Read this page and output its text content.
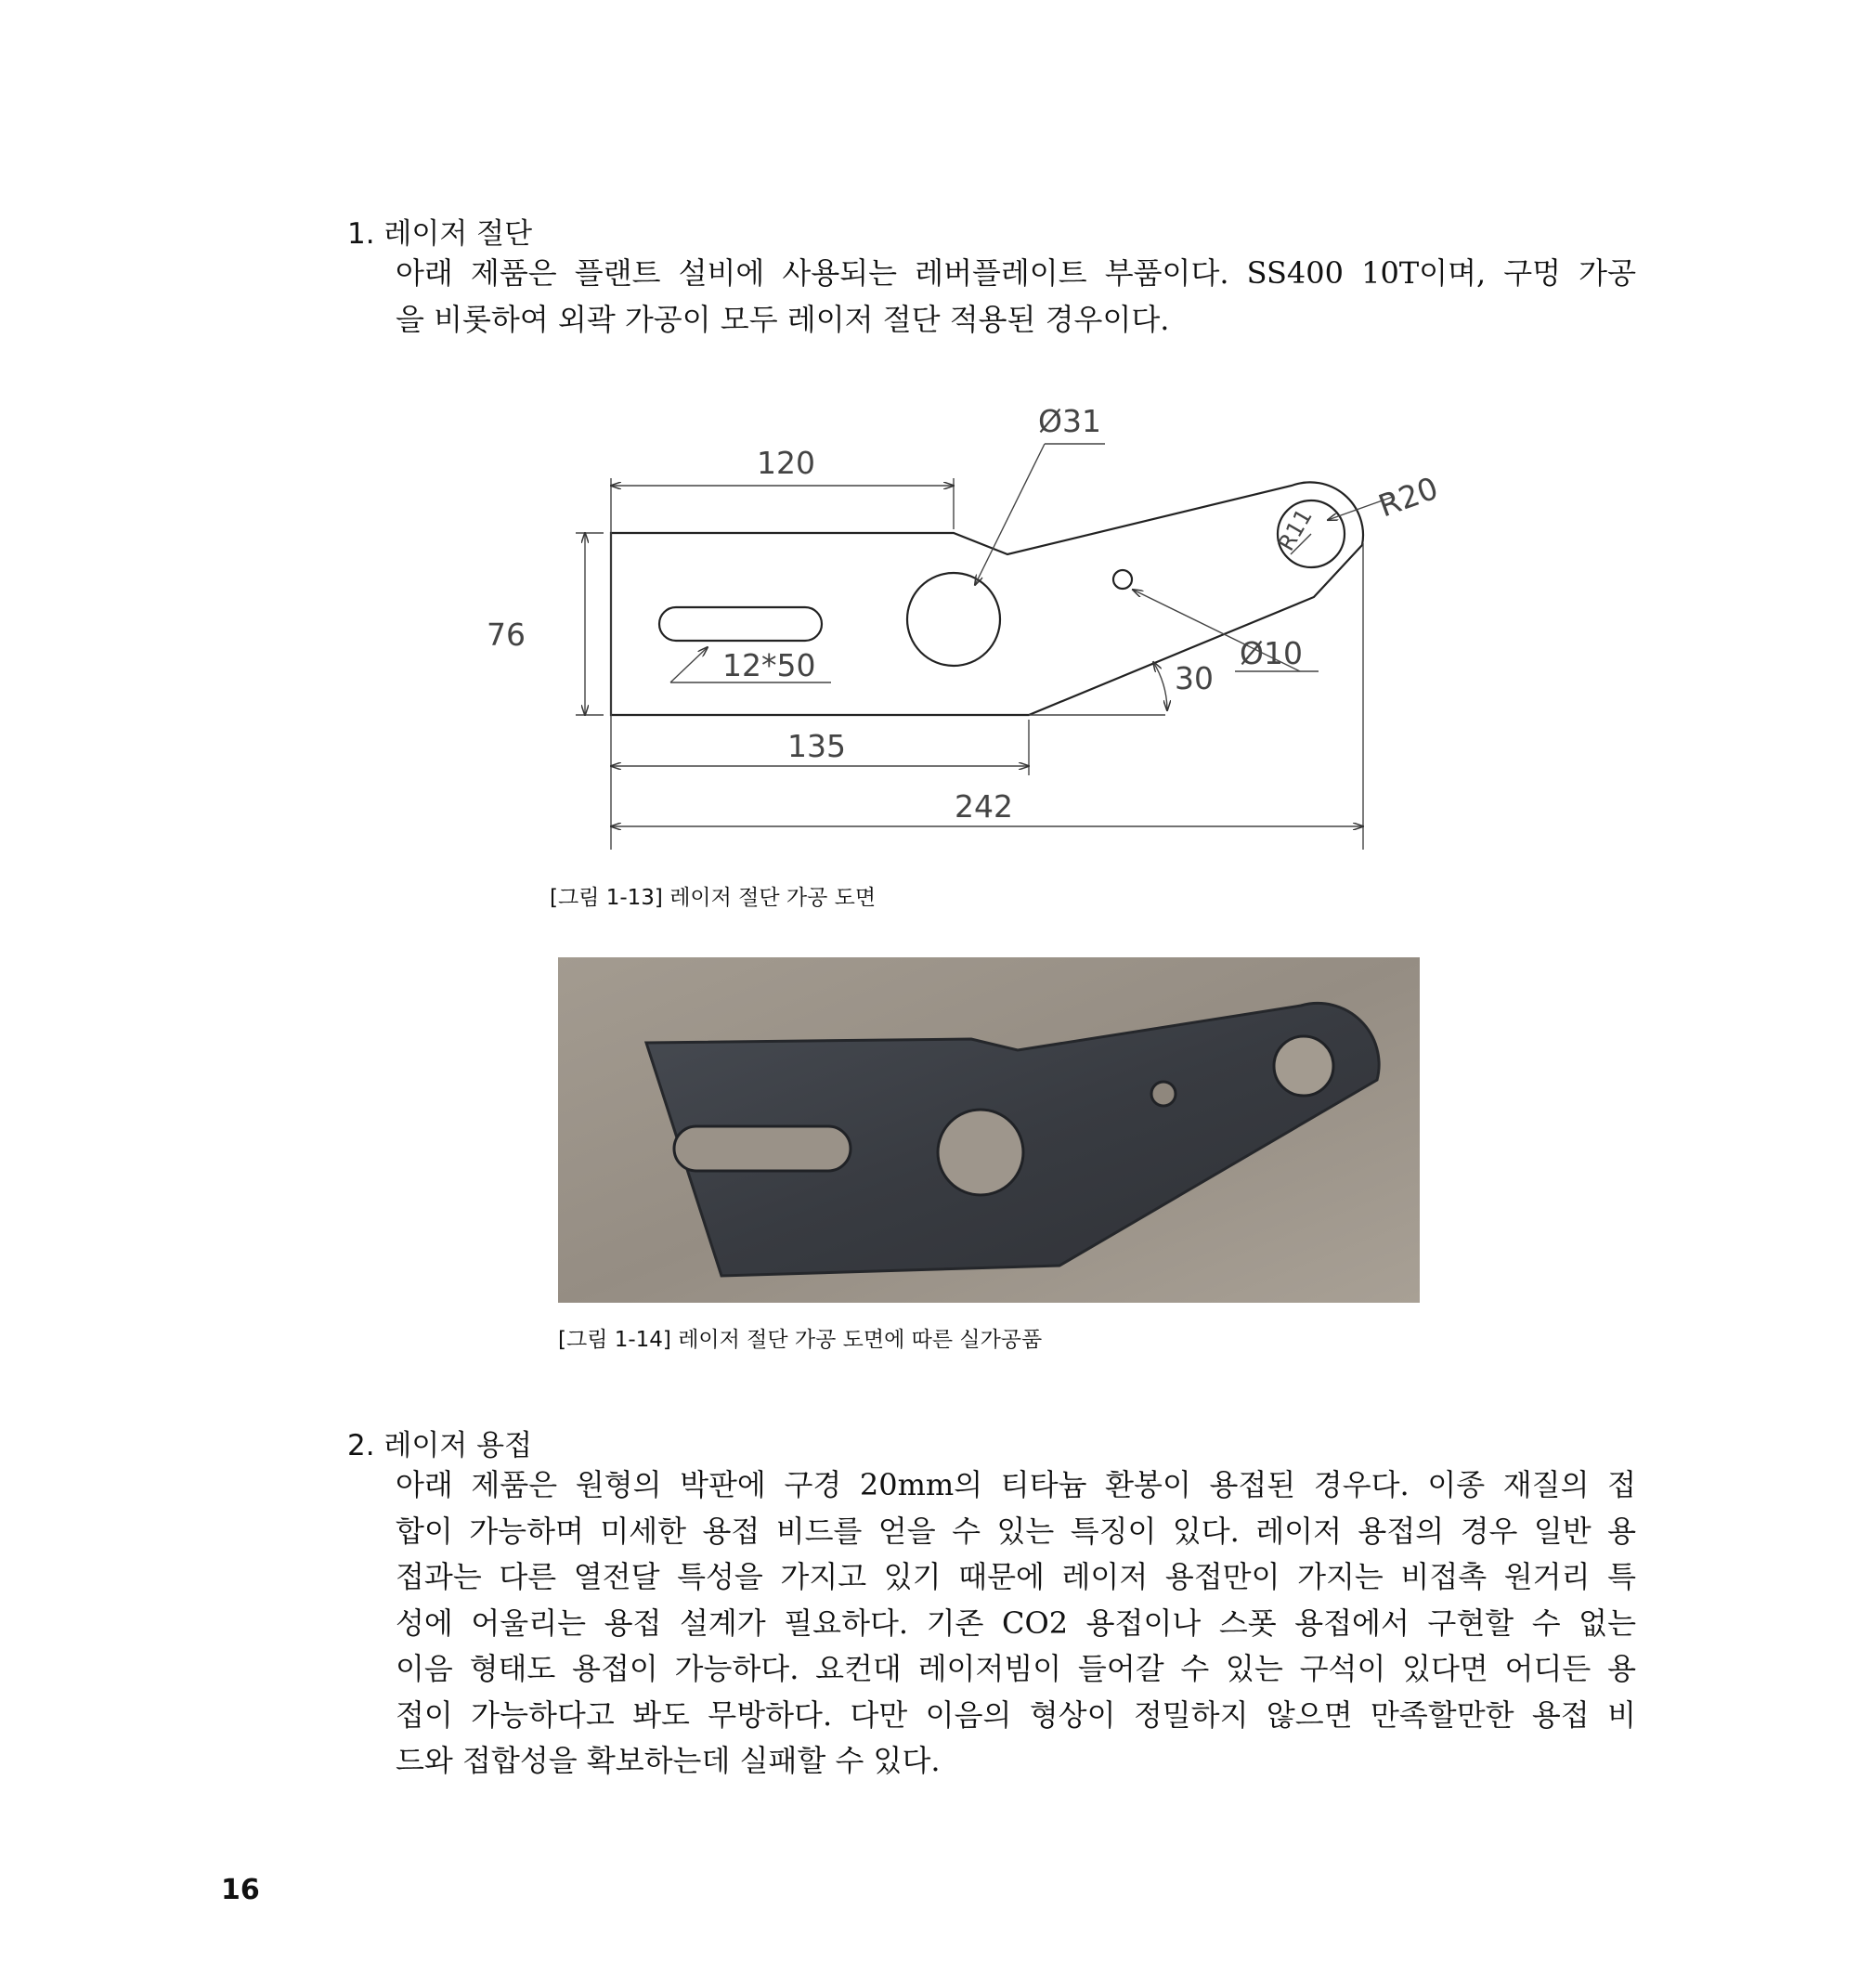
1. 레이저 절단
아래 제품은 플랜트 설비에 사용되는 레버플레이트 부품이다. SS400 10T이며, 구멍 가공
을 비롯하여 외곽 가공이 모두 레이저 절단 적용된 경우이다.
120
76
135
242
12*50
Ø31
Ø10
30
R11
R20
[그림 1-13] 레이저 절단 가공 도면
[그림 1-14] 레이저 절단 가공 도면에 따른 실가공품
2. 레이저 용접
아래 제품은 원형의 박판에 구경 20mm의 티타늄 환봉이 용접된 경우다. 이종 재질의 접
합이 가능하며 미세한 용접 비드를 얻을 수 있는 특징이 있다. 레이저 용접의 경우 일반 용
접과는 다른 열전달 특성을 가지고 있기 때문에 레이저 용접만이 가지는 비접촉 원거리 특
성에 어울리는 용접 설계가 필요하다. 기존 CO2 용접이나 스폿 용접에서 구현할 수 없는
이음 형태도 용접이 가능하다. 요컨대 레이저빔이 들어갈 수 있는 구석이 있다면 어디든 용
접이 가능하다고 봐도 무방하다. 다만 이음의 형상이 정밀하지 않으면 만족할만한 용접 비
드와 접합성을 확보하는데 실패할 수 있다.
16
